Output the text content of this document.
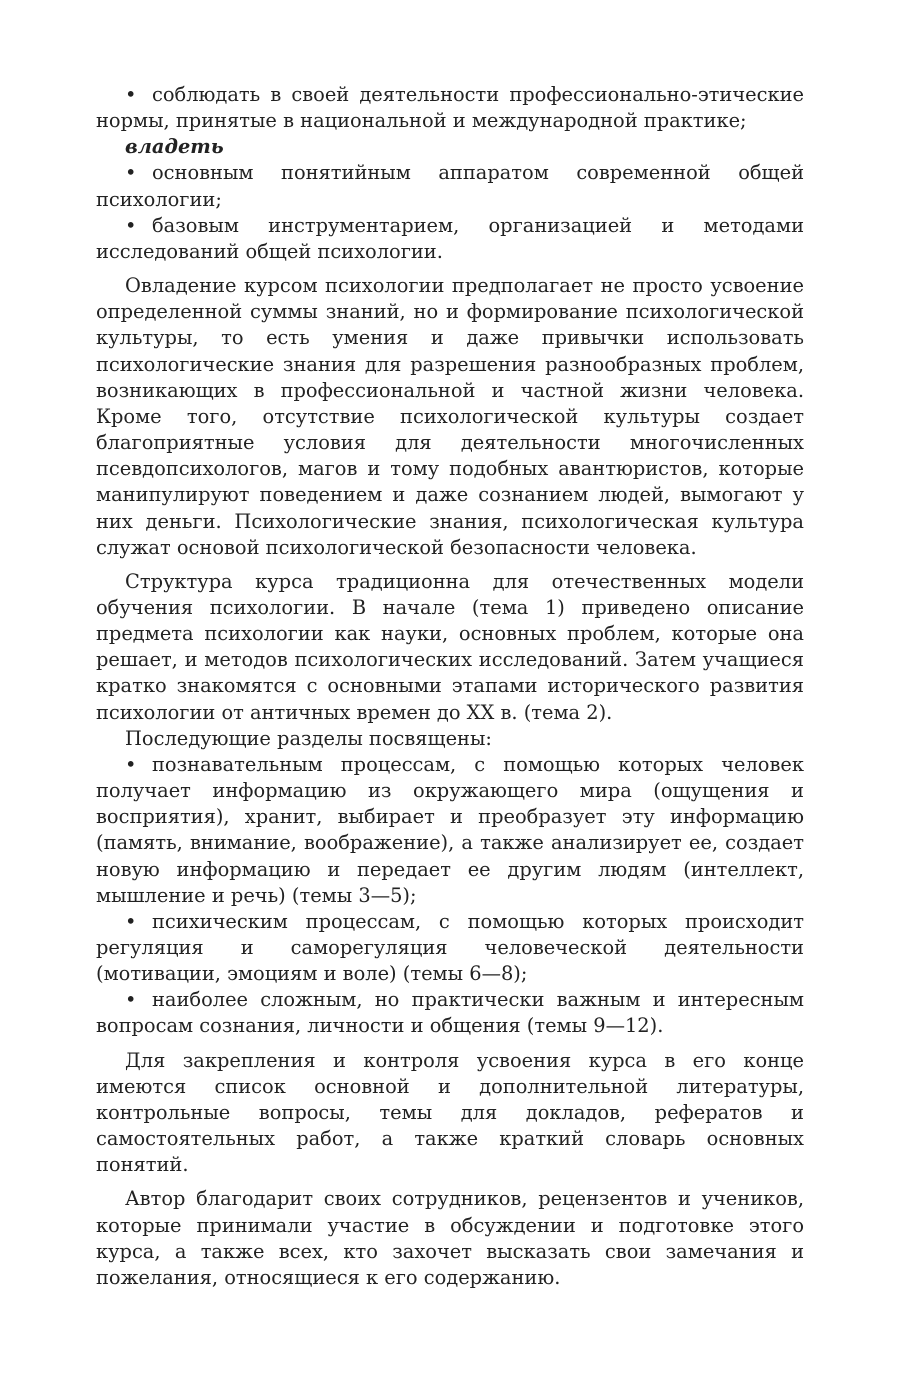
• соблюдать в своей деятельности профессионально-этические нормы, принятые в национальной и международной практике;

владеть

• основным понятийным аппаратом современной общей психологии;

• базовым инструментарием, организацией и методами исследований общей психологии.

Овладение курсом психологии предполагает не просто усвоение определенной суммы знаний, но и формирование психологической культуры, то есть умения и даже привычки использовать психологические знания для разрешения разнообразных проблем, возникающих в профессиональной и частной жизни человека. Кроме того, отсутствие психологической культуры создает благоприятные условия для деятельности многочисленных псевдопсихологов, магов и тому подобных авантюристов, которые манипулируют поведением и даже сознанием людей, вымогают у них деньги. Психологические знания, психологическая культура служат основой психологической безопасности человека.

Структура курса традиционна для отечественных модели обучения психологии. В начале (тема 1) приведено описание предмета психологии как науки, основных проблем, которые она решает, и методов психологических исследований. Затем учащиеся кратко знакомятся с основными этапами исторического развития психологии от античных времен до XX в. (тема 2).

Последующие разделы посвящены:

• познавательным процессам, с помощью которых человек получает информацию из окружающего мира (ощущения и восприятия), хранит, выбирает и преобразует эту информацию (память, внимание, воображение), а также анализирует ее, создает новую информацию и передает ее другим людям (интеллект, мышление и речь) (темы 3—5);

• психическим процессам, с помощью которых происходит регуляция и саморегуляция человеческой деятельности (мотивации, эмоциям и воле) (темы 6—8);

• наиболее сложным, но практически важным и интересным вопросам сознания, личности и общения (темы 9—12).

Для закрепления и контроля усвоения курса в его конце имеются список основной и дополнительной литературы, контрольные вопросы, темы для докладов, рефератов и самостоятельных работ, а также краткий словарь основных понятий.

Автор благодарит своих сотрудников, рецензентов и учеников, которые принимали участие в обсуждении и подготовке этого курса, а также всех, кто захочет высказать свои замечания и пожелания, относящиеся к его содержанию.
